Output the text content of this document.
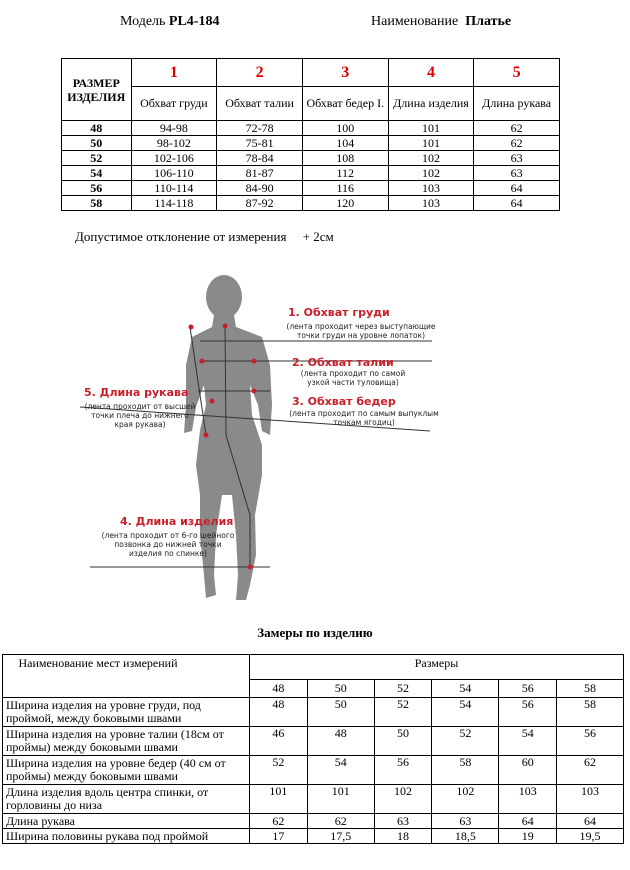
Модель PL4-184	Наименование Платье
РАЗМЕР ИЗДЕЛИЯ	1	2	3	4	5
	Обхват груди	Обхват талии	Обхват бедер I.	Длина изделия	Длина рукава
48	94-98	72-78	100	101	62
50	98-102	75-81	104	101	62
52	102-106	78-84	108	102	63
54	106-110	81-87	112	102	63
56	110-114	84-90	116	103	64
58	114-118	87-92	120	103	64
Допустимое отклонение от измерения + 2см
1. Обхват груди
(лента проходит через выступающие точки груди на уровне лопаток)
2. Обхват талии
(лента проходит по самой узкой части туловища)
3. Обхват бедер
(лента проходит по самым выпуклым точкам ягодиц)
5. Длина рукава
(лента проходит от высшей точки плеча до нижнего края рукава)
4. Длина изделия
(лента проходит от 6-го шейного позвонка до нижней точки изделия по спинке)
Замеры по изделию
Наименование мест измерений	Размеры					
	48	50	52	54	56	58
Ширина изделия на уровне груди, под проймой, между боковыми швами	48	50	52	54	56	58
Ширина изделия на уровне талии (18см от проймы) между боковыми швами	46	48	50	52	54	56
Ширина изделия на уровне бедер (40 см от проймы) между боковыми швами	52	54	56	58	60	62
Длина изделия вдоль центра спинки, от горловины до низа	101	101	102	102	103	103
Длина рукава	62	62	63	63	64	64
Ширина половины рукава под проймой	17	17,5	18	18,5	19	19,5
